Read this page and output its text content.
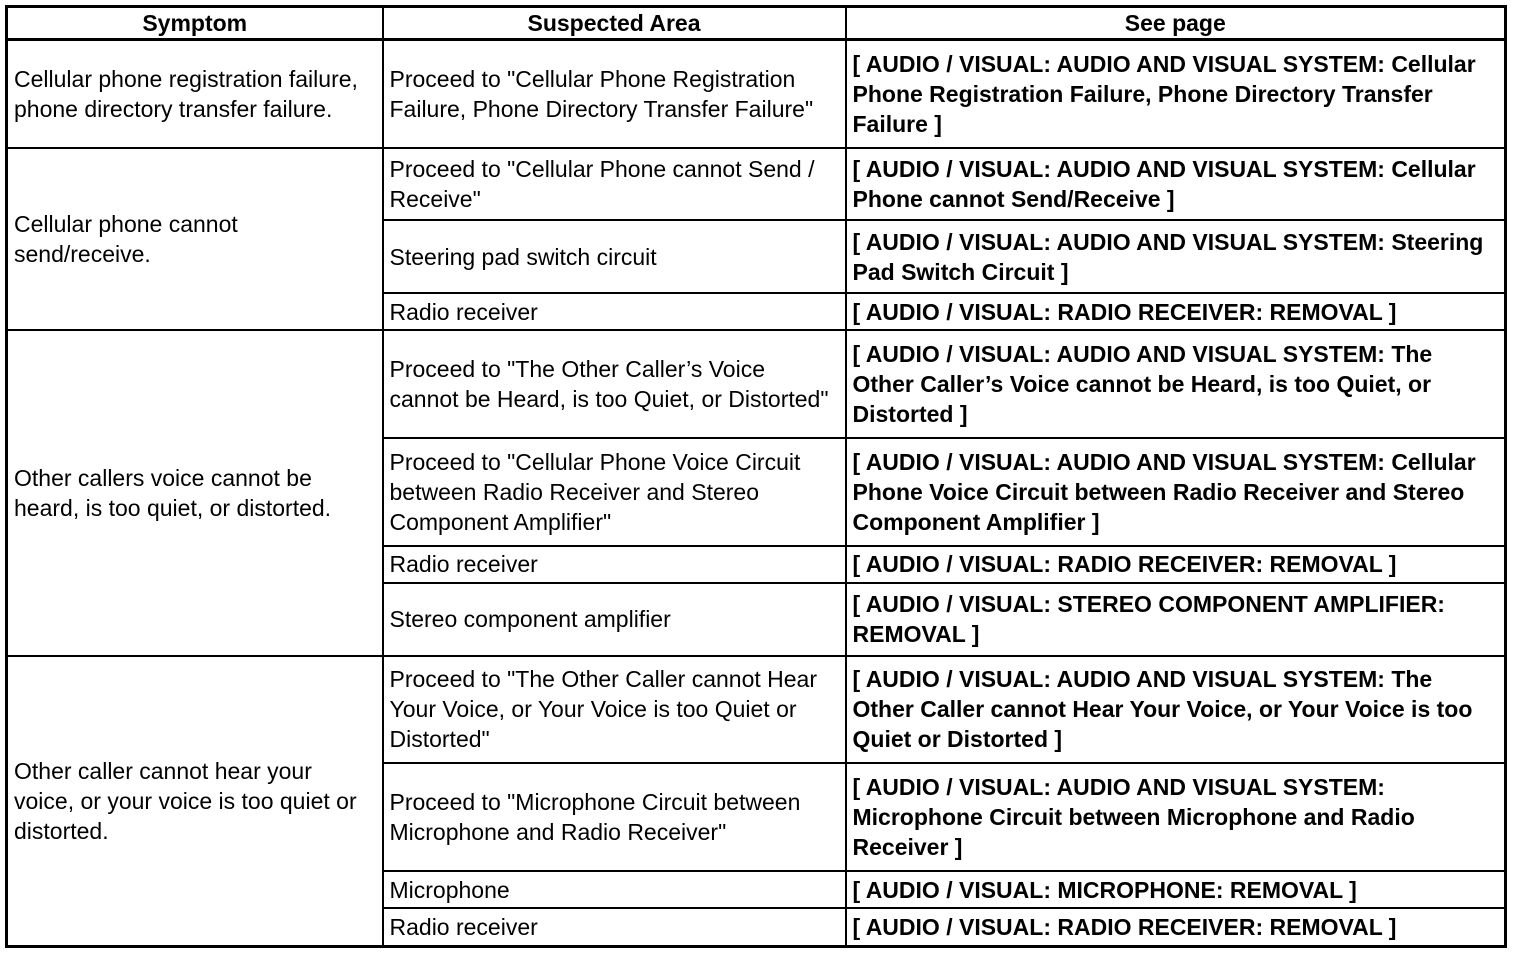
Symptom	Suspected Area	See page
Cellular phone registration failure, phone directory transfer failure.	Proceed to "Cellular Phone Registration Failure, Phone Directory Transfer Failure"	[ AUDIO / VISUAL: AUDIO AND VISUAL SYSTEM: Cellular Phone Registration Failure, Phone Directory Transfer Failure ]
Cellular phone cannot send/receive.	Proceed to "Cellular Phone cannot Send / Receive"	[ AUDIO / VISUAL: AUDIO AND VISUAL SYSTEM: Cellular Phone cannot Send/Receive ]
	Steering pad switch circuit	[ AUDIO / VISUAL: AUDIO AND VISUAL SYSTEM: Steering Pad Switch Circuit ]
	Radio receiver	[ AUDIO / VISUAL: RADIO RECEIVER: REMOVAL ]
Other callers voice cannot be heard, is too quiet, or distorted.	Proceed to "The Other Caller’s Voice cannot be Heard, is too Quiet, or Distorted"	[ AUDIO / VISUAL: AUDIO AND VISUAL SYSTEM: The Other Caller’s Voice cannot be Heard, is too Quiet, or Distorted ]
	Proceed to "Cellular Phone Voice Circuit between Radio Receiver and Stereo Component Amplifier"	[ AUDIO / VISUAL: AUDIO AND VISUAL SYSTEM: Cellular Phone Voice Circuit between Radio Receiver and Stereo Component Amplifier ]
	Radio receiver	[ AUDIO / VISUAL: RADIO RECEIVER: REMOVAL ]
	Stereo component amplifier	[ AUDIO / VISUAL: STEREO COMPONENT AMPLIFIER: REMOVAL ]
Other caller cannot hear your voice, or your voice is too quiet or distorted.	Proceed to "The Other Caller cannot Hear Your Voice, or Your Voice is too Quiet or Distorted"	[ AUDIO / VISUAL: AUDIO AND VISUAL SYSTEM: The Other Caller cannot Hear Your Voice, or Your Voice is too Quiet or Distorted ]
	Proceed to "Microphone Circuit between Microphone and Radio Receiver"	[ AUDIO / VISUAL: AUDIO AND VISUAL SYSTEM: Microphone Circuit between Microphone and Radio Receiver ]
	Microphone	[ AUDIO / VISUAL: MICROPHONE: REMOVAL ]
	Radio receiver	[ AUDIO / VISUAL: RADIO RECEIVER: REMOVAL ]
